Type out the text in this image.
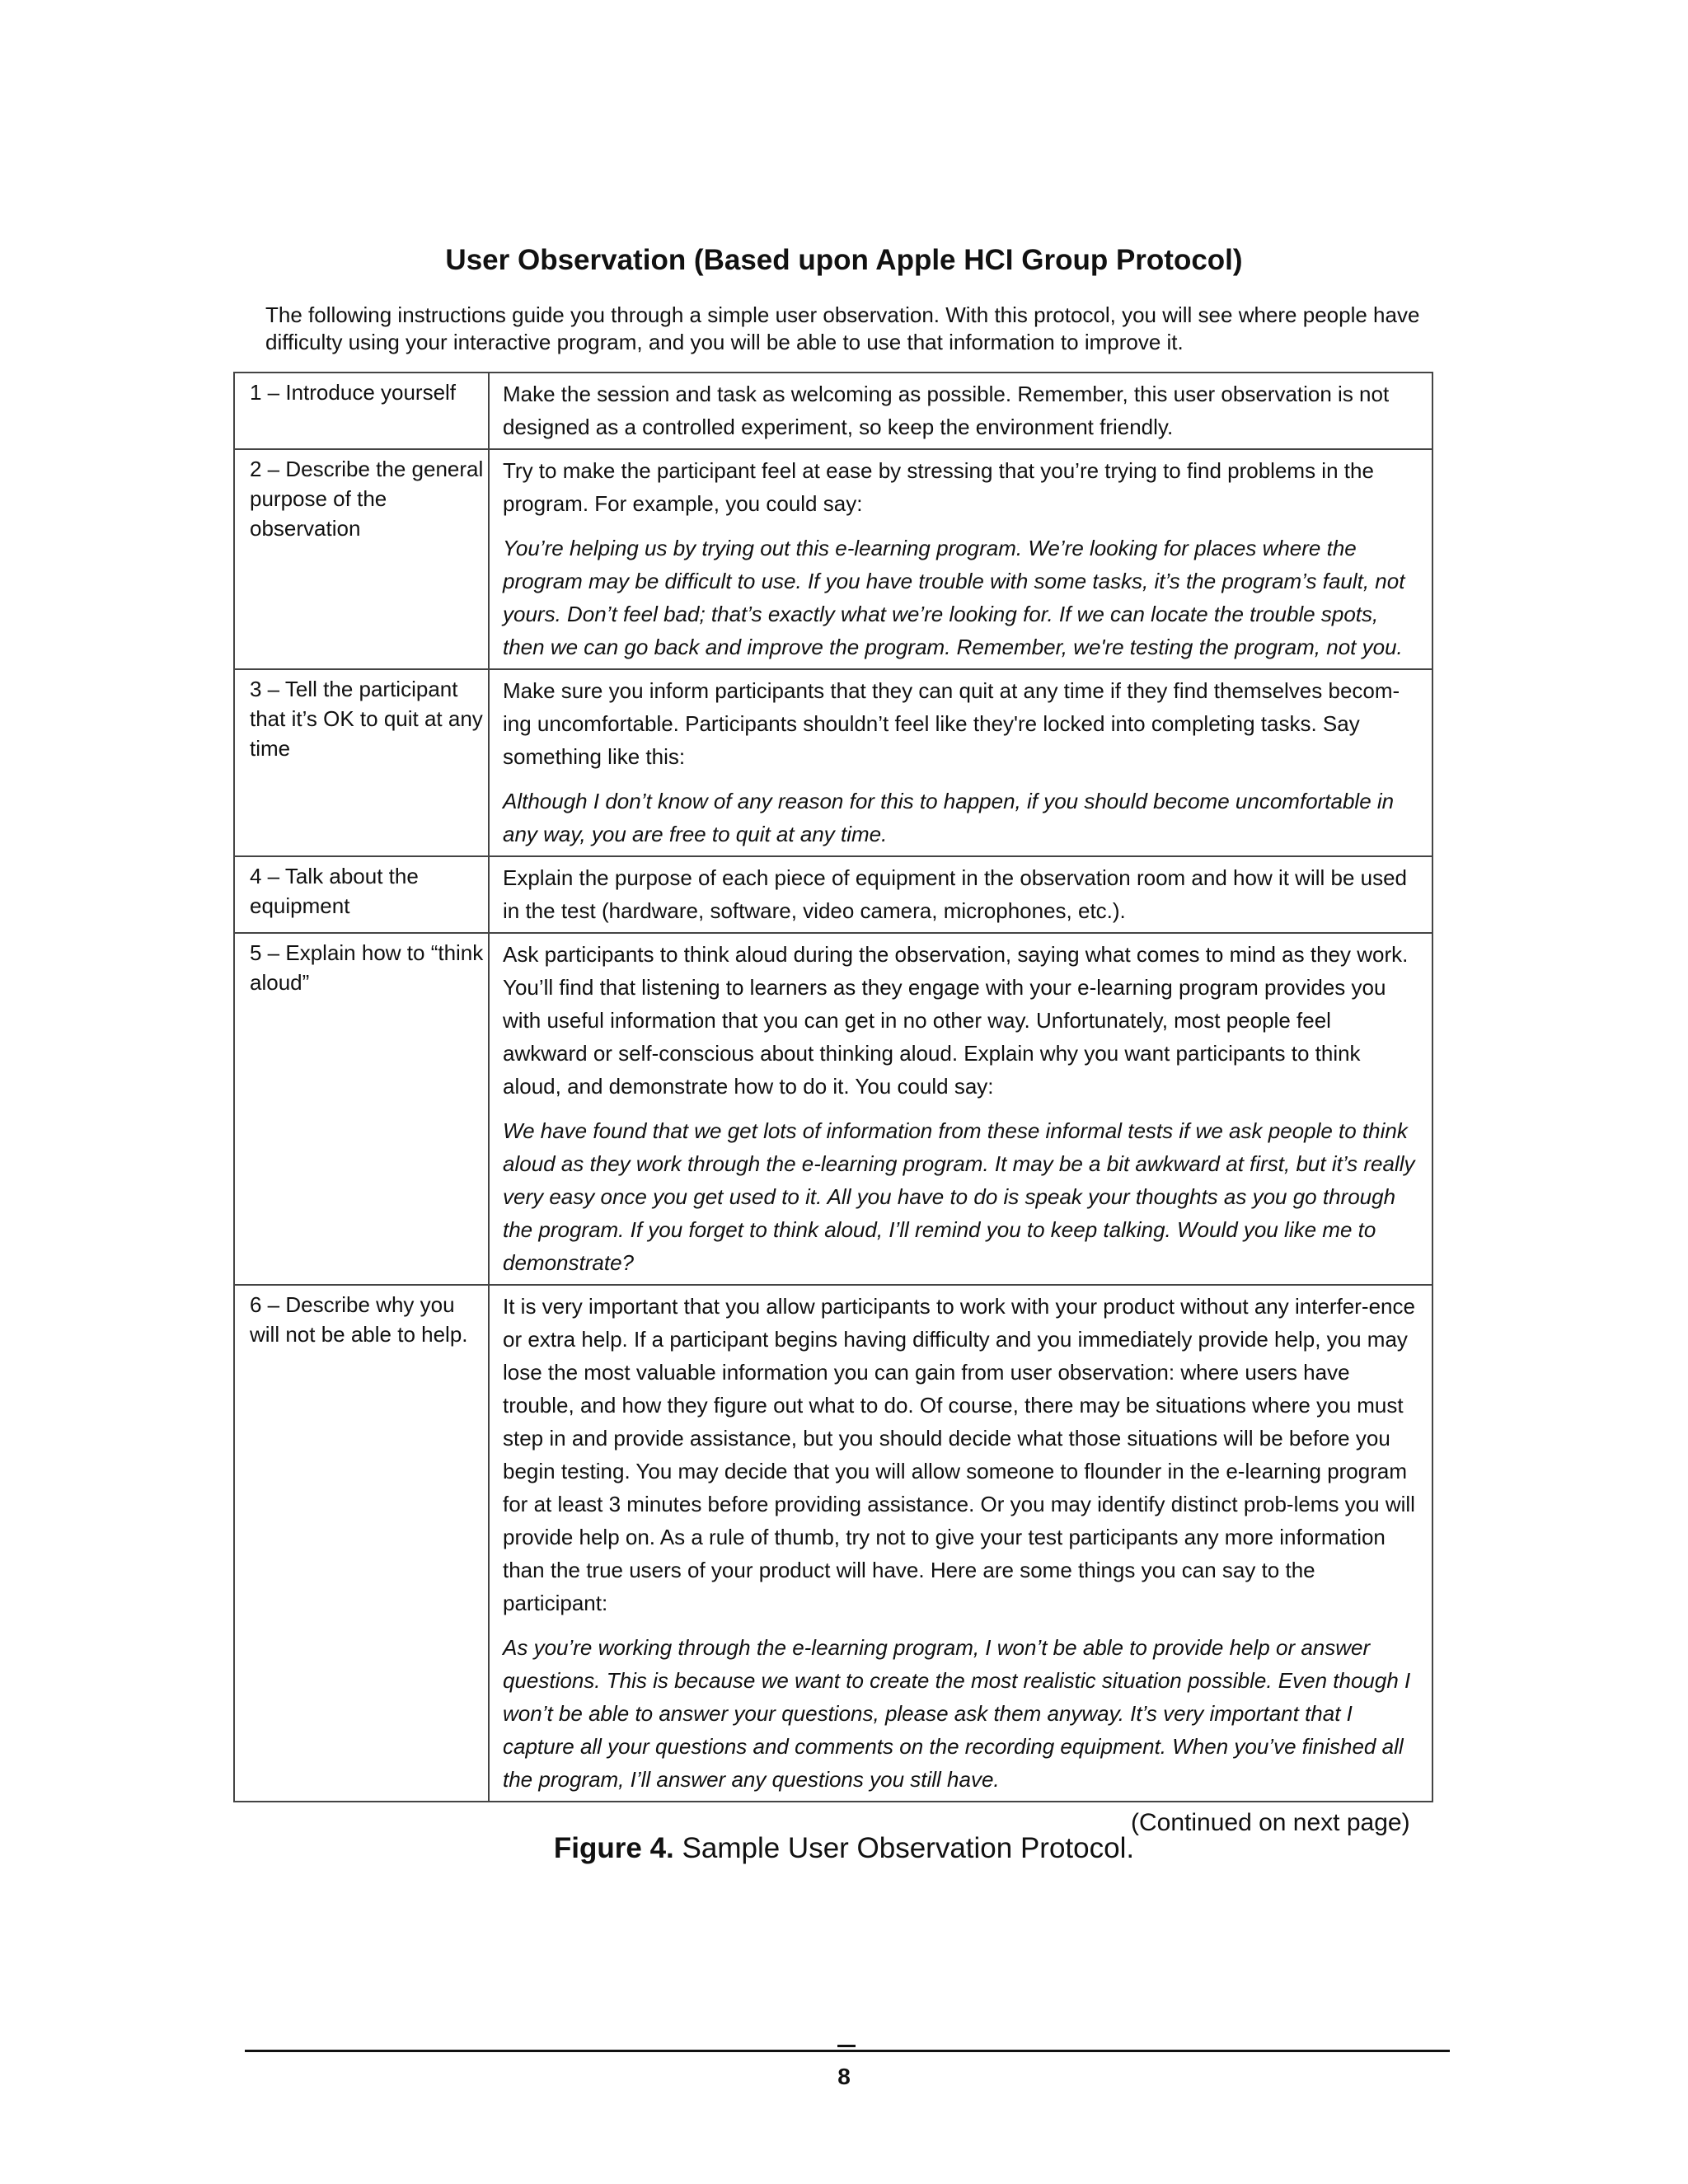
User Observation (Based upon Apple HCI Group Protocol)

The following instructions guide you through a simple user observation. With this protocol, you will see where people have difficulty using your interactive program, and you will be able to use that information to improve it.

1 – Introduce yourself	Make the session and task as welcoming as possible. Remember, this user observation is not designed as a controlled experiment, so keep the environment friendly.

2 – Describe the general purpose of the observation	Try to make the participant feel at ease by stressing that you’re trying to find problems in the program. For example, you could say:

You’re helping us by trying out this e-learning program. We’re looking for places where the program may be difficult to use. If you have trouble with some tasks, it’s the program’s fault, not yours. Don’t feel bad; that’s exactly what we’re looking for. If we can locate the trouble spots, then we can go back and improve the program. Remember, we're testing the program, not you.

3 – Tell the participant that it’s OK to quit at any time	Make sure you inform participants that they can quit at any time if they find themselves becom-ing uncomfortable. Participants shouldn’t feel like they're locked into completing tasks. Say something like this:

Although I don’t know of any reason for this to happen, if you should become uncomfortable in any way, you are free to quit at any time.

4 – Talk about the equipment	Explain the purpose of each piece of equipment in the observation room and how it will be used in the test (hardware, software, video camera, microphones, etc.).

5 – Explain how to “think aloud”	Ask participants to think aloud during the observation, saying what comes to mind as they work. You’ll find that listening to learners as they engage with your e-learning program provides you with useful information that you can get in no other way. Unfortunately, most people feel awkward or self-conscious about thinking aloud. Explain why you want participants to think aloud, and demonstrate how to do it. You could say:

We have found that we get lots of information from these informal tests if we ask people to think aloud as they work through the e-learning program. It may be a bit awkward at first, but it’s really very easy once you get used to it. All you have to do is speak your thoughts as you go through the program. If you forget to think aloud, I’ll remind you to keep talking. Would you like me to demonstrate?

6 – Describe why you will not be able to help.	It is very important that you allow participants to work with your product without any interfer-ence or extra help. If a participant begins having difficulty and you immediately provide help, you may lose the most valuable information you can gain from user observation: where users have trouble, and how they figure out what to do. Of course, there may be situations where you must step in and provide assistance, but you should decide what those situations will be before you begin testing. You may decide that you will allow someone to flounder in the e-learning program for at least 3 minutes before providing assistance. Or you may identify distinct prob-lems you will provide help on. As a rule of thumb, try not to give your test participants any more information than the true users of your product will have. Here are some things you can say to the participant:

As you’re working through the e-learning program, I won’t be able to provide help or answer questions. This is because we want to create the most realistic situation possible. Even though I won’t be able to answer your questions, please ask them anyway. It’s very important that I capture all your questions and comments on the recording equipment. When you’ve finished all the program, I’ll answer any questions you still have.

(Continued on next page)

Figure 4. Sample User Observation Protocol.

8
